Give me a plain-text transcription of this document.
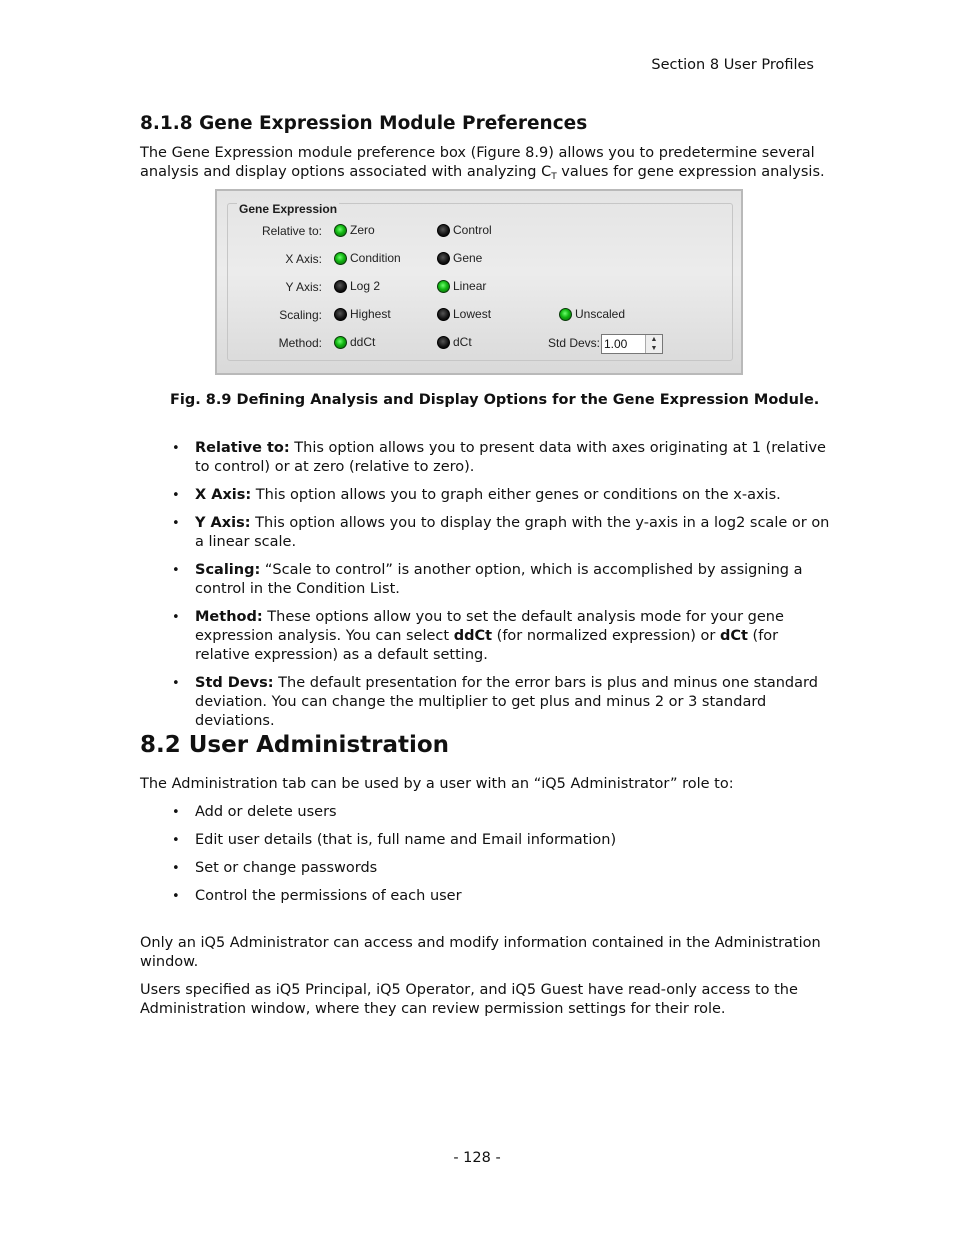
Section 8 User Profiles
8.1.8 Gene Expression Module Preferences

The Gene Expression module preference box (Figure 8.9) allows you to predetermine several analysis and display options associated with analyzing $C_T$ values for gene expression analysis.

Gene Expression
Relative to: Zero	Control
X Axis: Condition	Gene
Y Axis: Log 2	Linear
Scaling: Highest	Lowest	Unscaled
Method: ddCt	dCt	Std Devs: 1.00	▲
▼
Fig. 8.9 Defining Analysis and Display Options for the Gene Expression Module.
• Relative to: This option allows you to present data with axes originating at 1 (relative to control) or at zero (relative to zero).
• X Axis: This option allows you to graph either genes or conditions on the x-axis.
• Y Axis: This option allows you to display the graph with the y-axis in a log2 scale or on a linear scale.
• Scaling: “Scale to control” is another option, which is accomplished by assigning a control in the Condition List.
• Method: These options allow you to set the default analysis mode for your gene expression analysis. You can select ddCt (for normalized expression) or dCt (for relative expression) as a default setting.
• Std Devs: The default presentation for the error bars is plus and minus one standard deviation. You can change the multiplier to get plus and minus 2 or 3 standard deviations.
8.2 User Administration

The Administration tab can be used by a user with an “iQ5 Administrator” role to:

• Add or delete users
• Edit user details (that is, full name and Email information)
• Set or change passwords
• Control the permissions of each user

Only an iQ5 Administrator can access and modify information contained in the Administration window.

Users specified as iQ5 Principal, iQ5 Operator, and iQ5 Guest have read-only access to the Administration window, where they can review permission settings for their role.

- 128 -
